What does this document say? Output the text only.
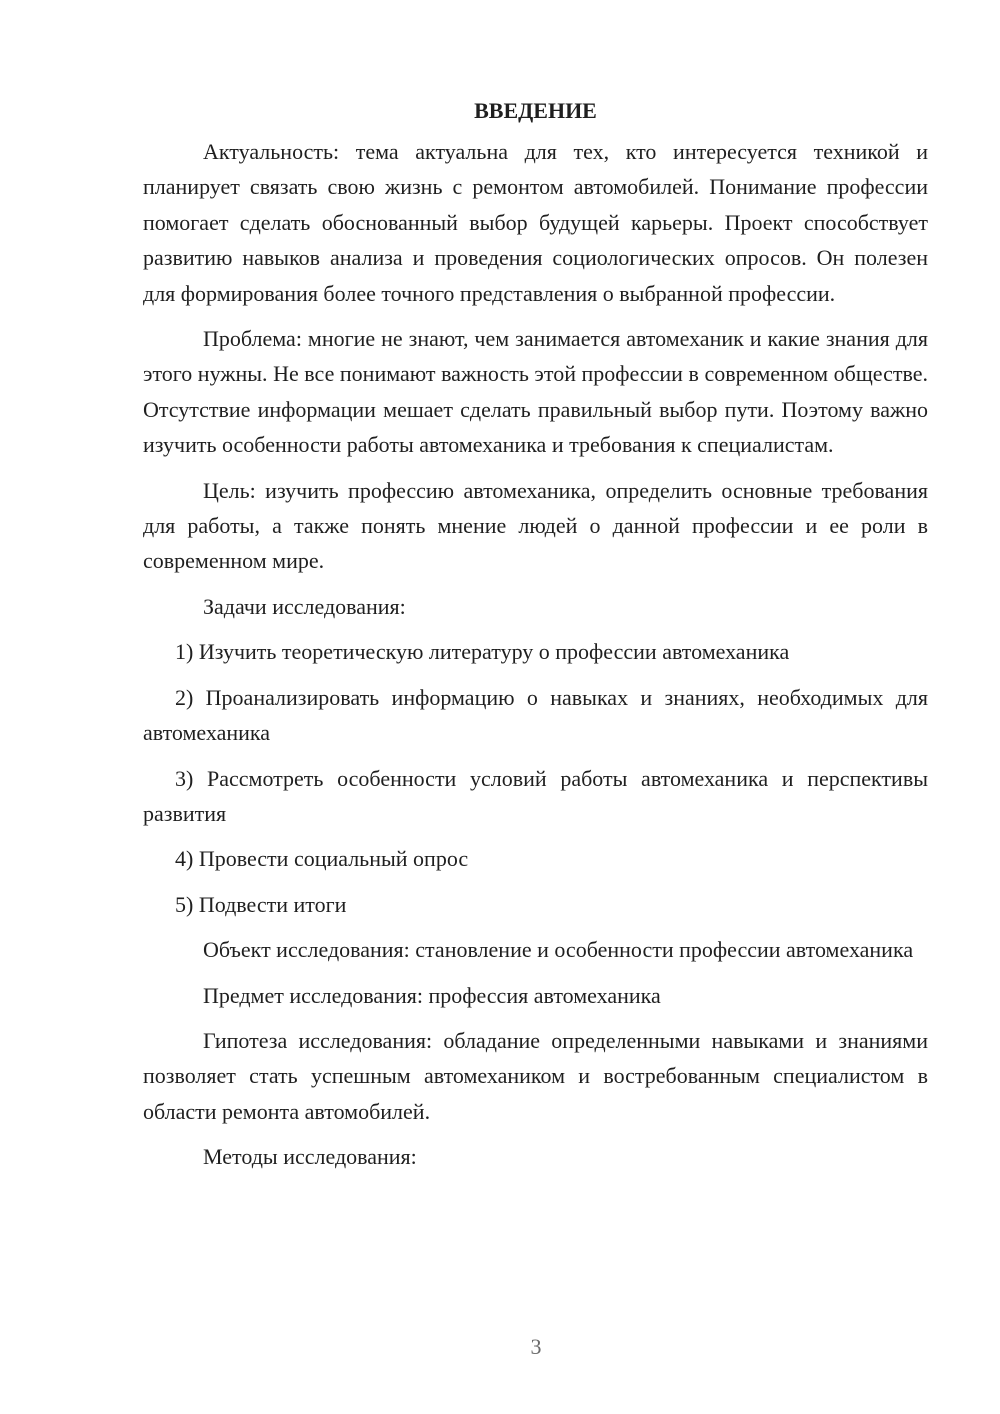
ВВЕДЕНИЕ

Актуальность: тема актуальна для тех, кто интересуется техникой и планирует связать свою жизнь с ремонтом автомобилей. Понимание профессии помогает сделать обоснованный выбор будущей карьеры. Проект способствует развитию навыков анализа и проведения социологических опросов. Он полезен для формирования более точного представления о выбранной профессии.

Проблема: многие не знают, чем занимается автомеханик и какие знания для этого нужны. Не все понимают важность этой профессии в современном обществе. Отсутствие информации мешает сделать правильный выбор пути. Поэтому важно изучить особенности работы автомеханика и требования к специалистам.

Цель: изучить профессию автомеханика, определить основные требования для работы, а также понять мнение людей о данной профессии и ее роли в современном мире.

Задачи исследования:

1) Изучить теоретическую литературу о профессии автомеханика

2) Проанализировать информацию о навыках и знаниях, необходимых для автомеханика

3) Рассмотреть особенности условий работы автомеханика и перспективы развития

4) Провести социальный опрос

5) Подвести итоги

Объект исследования: становление и особенности профессии автомеханика

Предмет исследования: профессия автомеханика

Гипотеза исследования: обладание определенными навыками и знаниями позволяет стать успешным автомехаником и востребованным специалистом в области ремонта автомобилей.

Методы исследования:

3
